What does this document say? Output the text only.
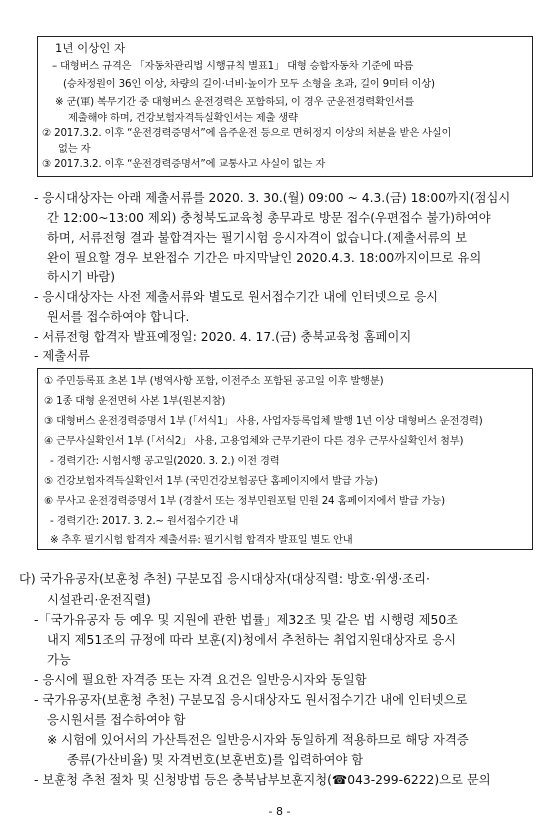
1년 이상인 자
– 대형버스 규격은 「자동차관리법 시행규칙 별표1」 대형 승합자동차 기준에 따름
(승차정원이 36인 이상, 차량의 길이·너비·높이가 모두 소형을 초과, 길이 9미터 이상)
※ 군(軍) 복무기간 중 대형버스 운전경력은 포함하되, 이 경우 군운전경력확인서를
제출해야 하며, 건강보험자격득실확인서는 제출 생략
② 2017.3.2. 이후 “운전경력증명서”에 음주운전 등으로 면허정지 이상의 처분을 받은 사실이
없는 자
③ 2017.3.2. 이후 “운전경력증명서”에 교통사고 사실이 없는 자
- 응시대상자는 아래 제출서류를 2020. 3. 30.(월) 09:00 ~ 4.3.(금) 18:00까지(점심시
간 12:00~13:00 제외) 충청북도교육청 총무과로 방문 접수(우편접수 불가)하여야
하며, 서류전형 결과 불합격자는 필기시험 응시자격이 없습니다.(제출서류의 보
완이 필요할 경우 보완접수 기간은 마지막날인 2020.4.3. 18:00까지이므로 유의
하시기 바람)
- 응시대상자는 사전 제출서류와 별도로 원서접수기간 내에 인터넷으로 응시
원서를 접수하여야 합니다.
- 서류전형 합격자 발표예정일: 2020. 4. 17.(금) 충북교육청 홈페이지
- 제출서류
① 주민등록표 초본 1부 (병역사항 포함, 이전주소 포함된 공고일 이후 발행분)
② 1종 대형 운전면허 사본 1부(원본지참)
③ 대형버스 운전경력증명서 1부 (「서식1」 사용, 사업자등록업체 발행 1년 이상 대형버스 운전경력)
④ 근무사실확인서 1부 (「서식2」 사용, 고용업체와 근무기관이 다른 경우 근무사실확인서 첨부)
- 경력기간: 시험시행 공고일(2020. 3. 2.) 이전 경력
⑤ 건강보험자격득실확인서 1부 (국민건강보험공단 홈페이지에서 발급 가능)
⑥ 무사고 운전경력증명서 1부 (경찰서 또는 정부민원포털 민원 24 홈페이지에서 발급 가능)
- 경력기간: 2017. 3. 2.~ 원서접수기간 내
※ 추후 필기시험 합격자 제출서류: 필기시험 합격자 발표일 별도 안내
다) 국가유공자(보훈청 추천) 구분모집 응시대상자(대상직렬: 방호·위생·조리·
시설관리·운전직렬)
-「국가유공자 등 예우 및 지원에 관한 법률」제32조 및 같은 법 시행령 제50조
내지 제51조의 규정에 따라 보훈(지)청에서 추천하는 취업지원대상자로 응시
가능
- 응시에 필요한 자격증 또는 자격 요건은 일반응시자와 동일함
- 국가유공자(보훈청 추천) 구분모집 응시대상자도 원서접수기간 내에 인터넷으로
응시원서를 접수하여야 함
※ 시험에 있어서의 가산특전은 일반응시자와 동일하게 적용하므로 해당 자격증
종류(가산비율) 및 자격번호(보훈번호)를 입력하여야 함
- 보훈청 추천 절차 및 신청방법 등은 충북남부보훈지청(☎043-299-6222)으로 문의
- 8 -
